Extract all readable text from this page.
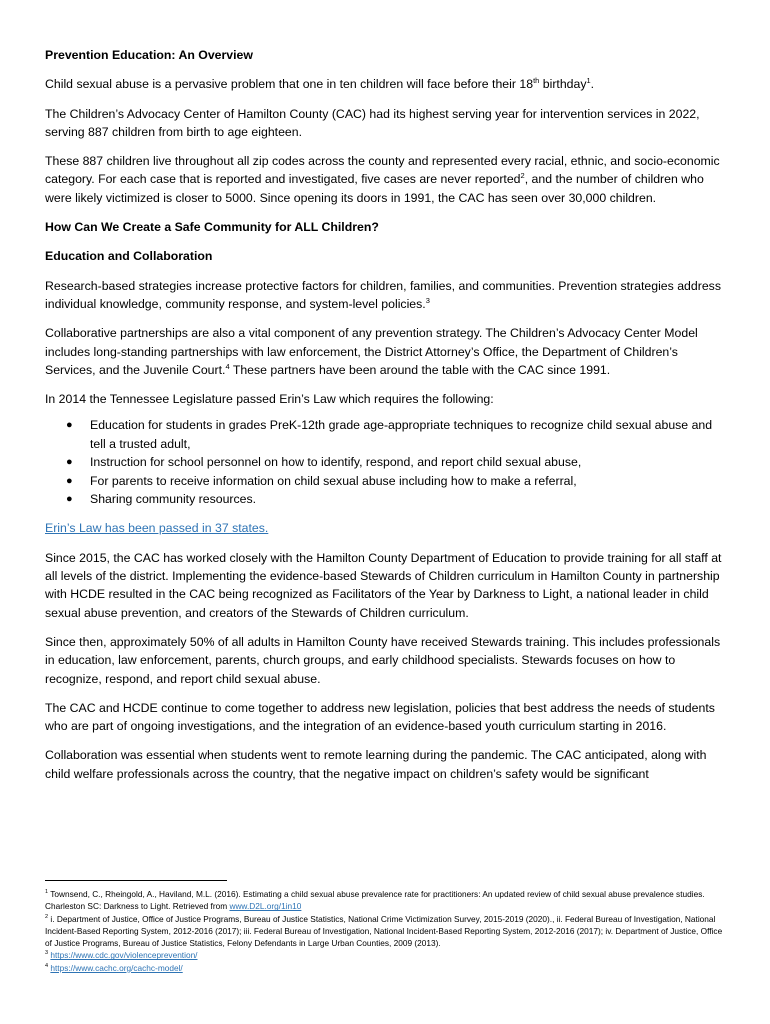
Prevention Education: An Overview

Child sexual abuse is a pervasive problem that one in ten children will face before their 18th birthday$^1$.

The Children’s Advocacy Center of Hamilton County (CAC) had its highest serving year for intervention services in 2022, serving 887 children from birth to age eighteen.

These 887 children live throughout all zip codes across the county and represented every racial, ethnic, and socio-economic category. For each case that is reported and investigated, five cases are never reported$^2$, and the number of children who were likely victimized is closer to 5000. Since opening its doors in 1991, the CAC has seen over 30,000 children.

How Can We Create a Safe Community for ALL Children?

Education and Collaboration

Research-based strategies increase protective factors for children, families, and communities. Prevention strategies address individual knowledge, community response, and system-level policies.$^3$

Collaborative partnerships are also a vital component of any prevention strategy. The Children’s Advocacy Center Model includes long-standing partnerships with law enforcement, the District Attorney’s Office, the Department of Children’s Services, and the Juvenile Court.$^4$ These partners have been around the table with the CAC since 1991.

In 2014 the Tennessee Legislature passed Erin’s Law which requires the following:

● Education for students in grades PreK-12th grade age-appropriate techniques to recognize child sexual abuse and tell a trusted adult,
● Instruction for school personnel on how to identify, respond, and report child sexual abuse,
● For parents to receive information on child sexual abuse including how to make a referral,
● Sharing community resources.

Erin’s Law has been passed in 37 states.

Since 2015, the CAC has worked closely with the Hamilton County Department of Education to provide training for all staff at all levels of the district. Implementing the evidence-based Stewards of Children curriculum in Hamilton County in partnership with HCDE resulted in the CAC being recognized as Facilitators of the Year by Darkness to Light, a national leader in child sexual abuse prevention, and creators of the Stewards of Children curriculum.

Since then, approximately 50% of all adults in Hamilton County have received Stewards training. This includes professionals in education, law enforcement, parents, church groups, and early childhood specialists. Stewards focuses on how to recognize, respond, and report child sexual abuse.

The CAC and HCDE continue to come together to address new legislation, policies that best address the needs of students who are part of ongoing investigations, and the integration of an evidence-based youth curriculum starting in 2016.

Collaboration was essential when students went to remote learning during the pandemic. The CAC anticipated, along with child welfare professionals across the country, that the negative impact on children’s safety would be significant

$^1$ Townsend, C., Rheingold, A., Haviland, M.L. (2016). Estimating a child sexual abuse prevalence rate for practitioners: An updated review of child sexual abuse prevalence studies. Charleston SC: Darkness to Light. Retrieved from www.D2L.org/1in10

$^2$ i. Department of Justice, Office of Justice Programs, Bureau of Justice Statistics, National Crime Victimization Survey, 2015-2019 (2020)., ii. Federal Bureau of Investigation, National Incident-Based Reporting System, 2012-2016 (2017); iii. Federal Bureau of Investigation, National Incident-Based Reporting System, 2012-2016 (2017); iv. Department of Justice, Office of Justice Programs, Bureau of Justice Statistics, Felony Defendants in Large Urban Counties, 2009 (2013).

$^3$ https://www.cdc.gov/violenceprevention/

$^4$ https://www.cachc.org/cachc-model/
